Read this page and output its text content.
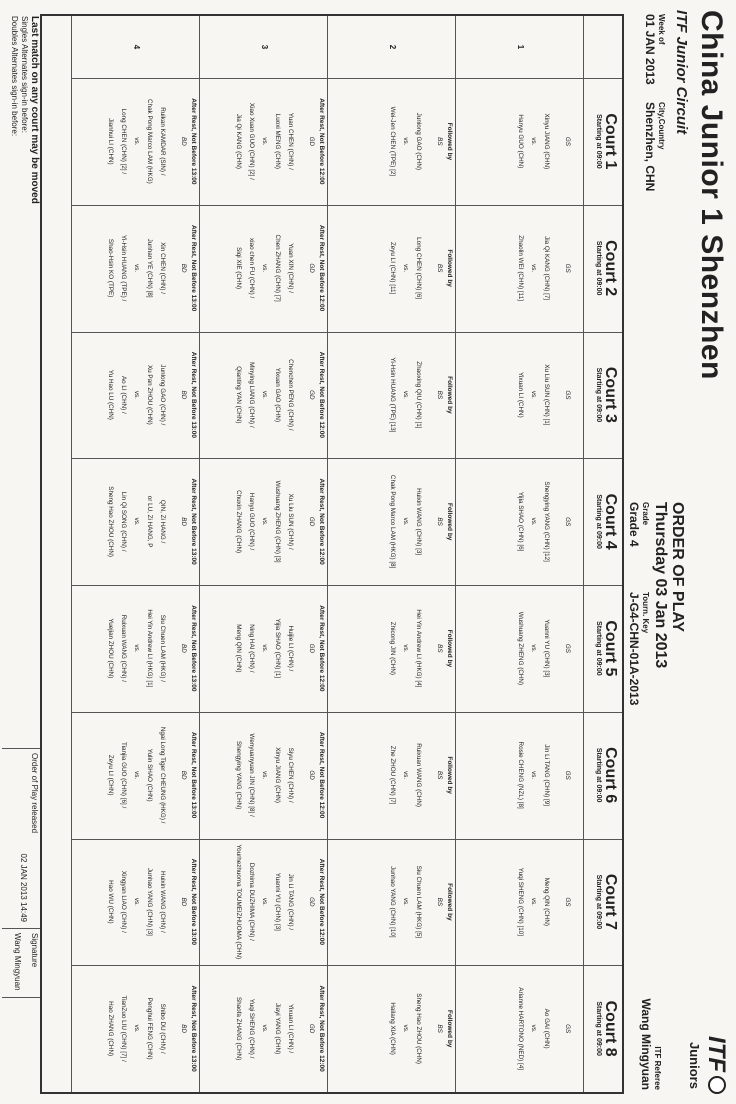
China Junior 1 Shenzhen
ITF Junior Circuit
Week of
01 JAN 2013
City,Country
Shenzhen, CHN
ORDER OF PLAY
Thursday 03 Jan 2013
Grade
Grade 4
Tourn. Key
J-G4-CHN-01A-2013
ITF Referee
Wang Mingyuan ITF
Juniors
Court 1
Starting at 09:00
Court 2
Starting at 09:00
Court 3
Starting at 09:00
Court 4
Starting at 09:00
Court 5
Starting at 09:00
Court 6
Starting at 09:00
Court 7
Starting at 09:00
Court 8
Starting at 09:00
1
GS
Xinyu JIANG (CHN)
vs.
Hanyu GUO (CHN)
GS
Jia Qi KANG (CHN) [7]
vs.
Zhaolin WEI (CHN) [11]
GS
Xu Liu SUN (CHN) [1]
vs.
Yixuan LI (CHN)
GS
Shengying YANG (CHN) [12]
vs.
Yijia SHAO (CHN) [6]
GS
Yuanni YU (CHN) [3]
vs.
Wushuang ZHENG (CHN)
GS
Jin Li TANG (CHN) [9]
vs.
Rosie CHENG (NZL) [8]
GS
Meng QIN (CHN)
vs.
Yuqi SHENG (CHN) [10]
GS
Ao GAI (CHN)
vs.
Arianne HARTONO (NED) [4]
2
Followed by
BS
Junlong GAO (CHN)
vs.
Wei-Jen CHEN (TPE) [2]
Followed by
BS
Long CHEN (CHN) [6]
vs.
Zeyu LI (CHN) [11]
Followed by
BS
Zhaoxing QIU (CHN) [1]
vs.
Yi-Hsin HUANG (TPE) [13]
Followed by
BS
Huixin WANG (CHN) [3]
vs.
Chak Pong Marco LAM (HKG) [8]
Followed by
BS
Hei Yin Andrew LI (HKG) [4]
vs.
Zhicong JIN (CHN)
Followed by
BS
Ruixuan WANG (CHN)
vs.
Zhe ZHOU (CHN) [7]
Followed by
BS
Siu Chuen LAM (HKG) [5]
vs.
Junhao YANG (CHN) [10]
Followed by
BS
Sheng Hao ZHOU (CHN)
vs.
Hailang XIA (CHN)
3
After Rest, Not Before 12:00
GD
Yuan CHEN (CHN) /
Luoxi MENG (CHN)
vs.
Xiao Xuan GUO (CHN) [2] /
Jia Qi KANG (CHN)
After Rest, Not Before 12:00
GD
Yuan XIN (CHN) /
Chen ZHANG (CHN) [7]
vs.
xiao chen FU (CHN) /
Siqi XIE (CHN)
After Rest, Not Before 12:00
GD
Chenchen PENG (CHN) /
Yixuan GAO (CHN)
vs.
Minying LIANG (CHN) /
Qianting YAN (CHN)
After Rest, Not Before 12:00
GD
Xu Liu SUN (CHN) /
Wushuang ZHENG (CHN) [3]
vs.
Hanyu GUO (CHN) /
Chuxin ZHANG (CHN)
After Rest, Not Before 12:00
GD
Huijie LI (CHN) /
Yijia SHAO (CHN) [1]
vs.
Ning HAI (CHN) /
Meng QIN (CHN)
After Rest, Not Before 12:00
GD
Siyu CHEN (CHN) /
Xinyu JIANG (CHN)
vs.
Wenyuanyuan JIN (CHN) [8] /
Shengying YANG (CHN)
After Rest, Not Before 12:00
GD
Jin Li TANG (CHN) /
Yuanni YU (CHN) [3]
vs.
Dozhima DUZHIMA (CHN) /
Yourhezhuoma TOUMEIZHUOMA (CHN)
After Rest, Not Before 12:00
GD
Yixuan LI (CHN) /
Jiayi YANG (CHN)
vs.
Yuqi SHENG (CHN) /
Shaofa ZHANG (CHN)
4
After Rest, Not Before 13:00
BD
Ruikan KAMDAR (SIN) /
Chak Pong Marco LAM (HKG)
vs.
Long CHEN (CHN) [2] /
Jianhui LI (CHN)
After Rest, Not Before 13:00
BD
Xin CHEN (CHN) /
Junhan YE (CHN) [8]
vs.
Yi-Hsin HUANG (TPE) /
Shao-Hsin KO (TPE)
After Rest, Not Before 13:00
BD
Junlong GAO (CHN) /
Xu Pan ZHOU (CHN)
vs.
Ao LI (CHN) /
Yu Hao LU (CHN)
After Rest, Not Before 13:00
BD
QIN, Zi HANG /
or LU, Zi HANG, P
vs.
Lin Qi SONG (CHN) /
Sheng Hao ZHOU (CHN)
After Rest, Not Before 13:00
BD
Siu Chuen LAM (HKG) /
Hei Yin Andrew LI (HKG) [1]
vs.
Ruixuan WANG (CHN) /
Yuejian ZHOU (CHN)
After Rest, Not Before 13:00
BD
Ngai Long Tiger CHEUNG (HKG) /
Yulin SHAO (CHN)
vs.
Tianjia GUO (CHN) [6] /
Zeyu LI (CHN)
After Rest, Not Before 13:00
BD
Huixin WANG (CHN) /
Junhao YANG (CHN) [3]
vs.
Xingyan LIAO (CHN) /
Hao WU (CHN)
After Rest, Not Before 13:00
BD
Shibo DU (CHN) /
Penghui FENG (CHN)
vs.
TianZuo LIU (CHN) [7] /
Hao ZHANG (CHN)
Last match on any court may be moved
Singles Alternates sign-in before:
Doubles Alternates sign-in before:
Order of Play released
02 JAN 2013 14:49
Signature
Wang Mingyuan
